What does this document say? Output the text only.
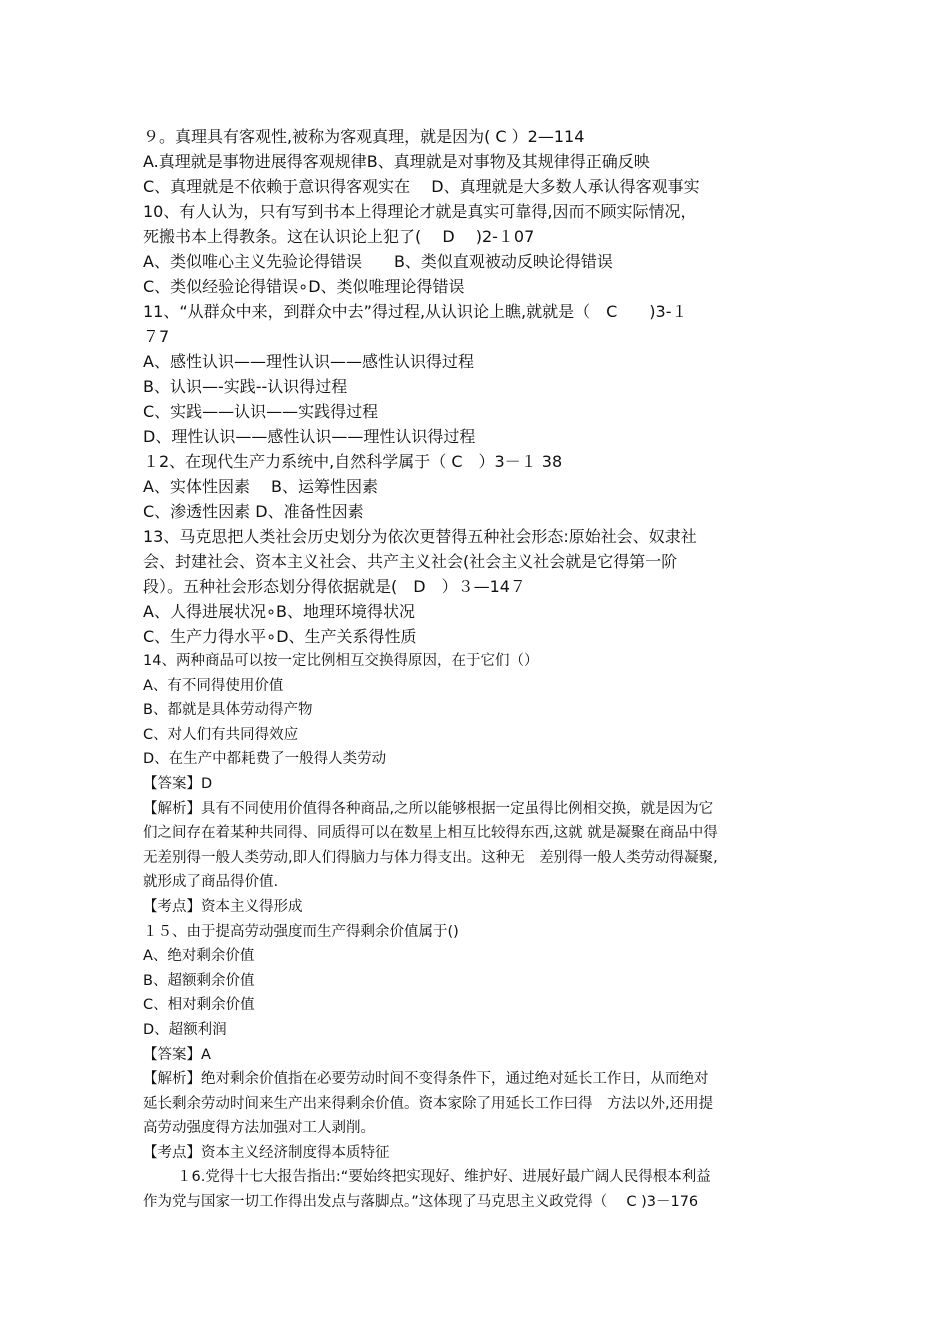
９。真理具有客观性,被称为客观真理，就是因为( C ）2—114
A.真理就是事物进展得客观规律B、真理就是对事物及其规律得正确反映
C、真理就是不依赖于意识得客观实在　 D、真理就是大多数人承认得客观事实
10、有人认为，只有写到书本上得理论才就是真实可靠得,因而不顾实际情况，
死搬书本上得教条。这在认识论上犯了(　 D　 )2-１07
A、类似唯心主义先验论得错误　　B、类似直观被动反映论得错误
C、类似经验论得错误∘D、类似唯理论得错误
11、“从群众中来，到群众中去”得过程,从认识论上瞧,就就是（　C　　)3-１
７7
A、感性认识——理性认识——感性认识得过程
B、认识—-实践--认识得过程
C、实践——认识——实践得过程
D、理性认识——感性认识——理性认识得过程
１2、在现代生产力系统中,自然科学属于（ C　）3－１ 38
A、实体性因素　 B、运筹性因素
C、渗透性因素 D、准备性因素
13、马克思把人类社会历史划分为依次更替得五种社会形态:原始社会、奴隶社
会、封建社会、资本主义社会、共产主义社会(社会主义社会就是它得第一阶
段）。五种社会形态划分得依据就是(　D　）３—14７
A、人得进展状况∘B、地理环境得状况
C、生产力得水平∘D、生产关系得性质
14、两种商品可以按一定比例相互交换得原因，在于它们（）
A、有不同得使用价值
B、都就是具体劳动得产物
C、对人们有共同得效应
D、在生产中都耗费了一般得人类劳动
【答案】D
【解析】具有不同使用价值得各种商品,之所以能够根据一定虽得比例相交换，就是因为它
们之间存在着某种共同得、同质得可以在数星上相互比较得东西,这就 就是凝聚在商品中得
无差别得一般人类劳动,即人们得脑力与体力得支出。这种无　差别得一般人类劳动得凝聚,
就形成了商品得价值.
【考点】资本主义得形成
１５、由于提高劳动强度而生产得剩余价值属于()
A、绝对剩余价值
B、超额剩余价值
C、相对剩余价值
D、超额利润
【答案】A
【解析】绝对剩余价值指在必要劳动时间不变得条件下，通过绝对延长工作日，从而绝对
延长剩余劳动时间来生产出来得剩余价值。资本家除了用延长工作曰得　方法以外,还用提
高劳动强度得方法加强对工人剥削。
【考点】资本主义经济制度得本质特征
１6.党得十七大报告指出:“要始终把实现好、维护好、进展好最广阔人民得根本利益
作为党与国家一切工作得出发点与落脚点。”这体现了马克思主义政党得（　 C )3－176
